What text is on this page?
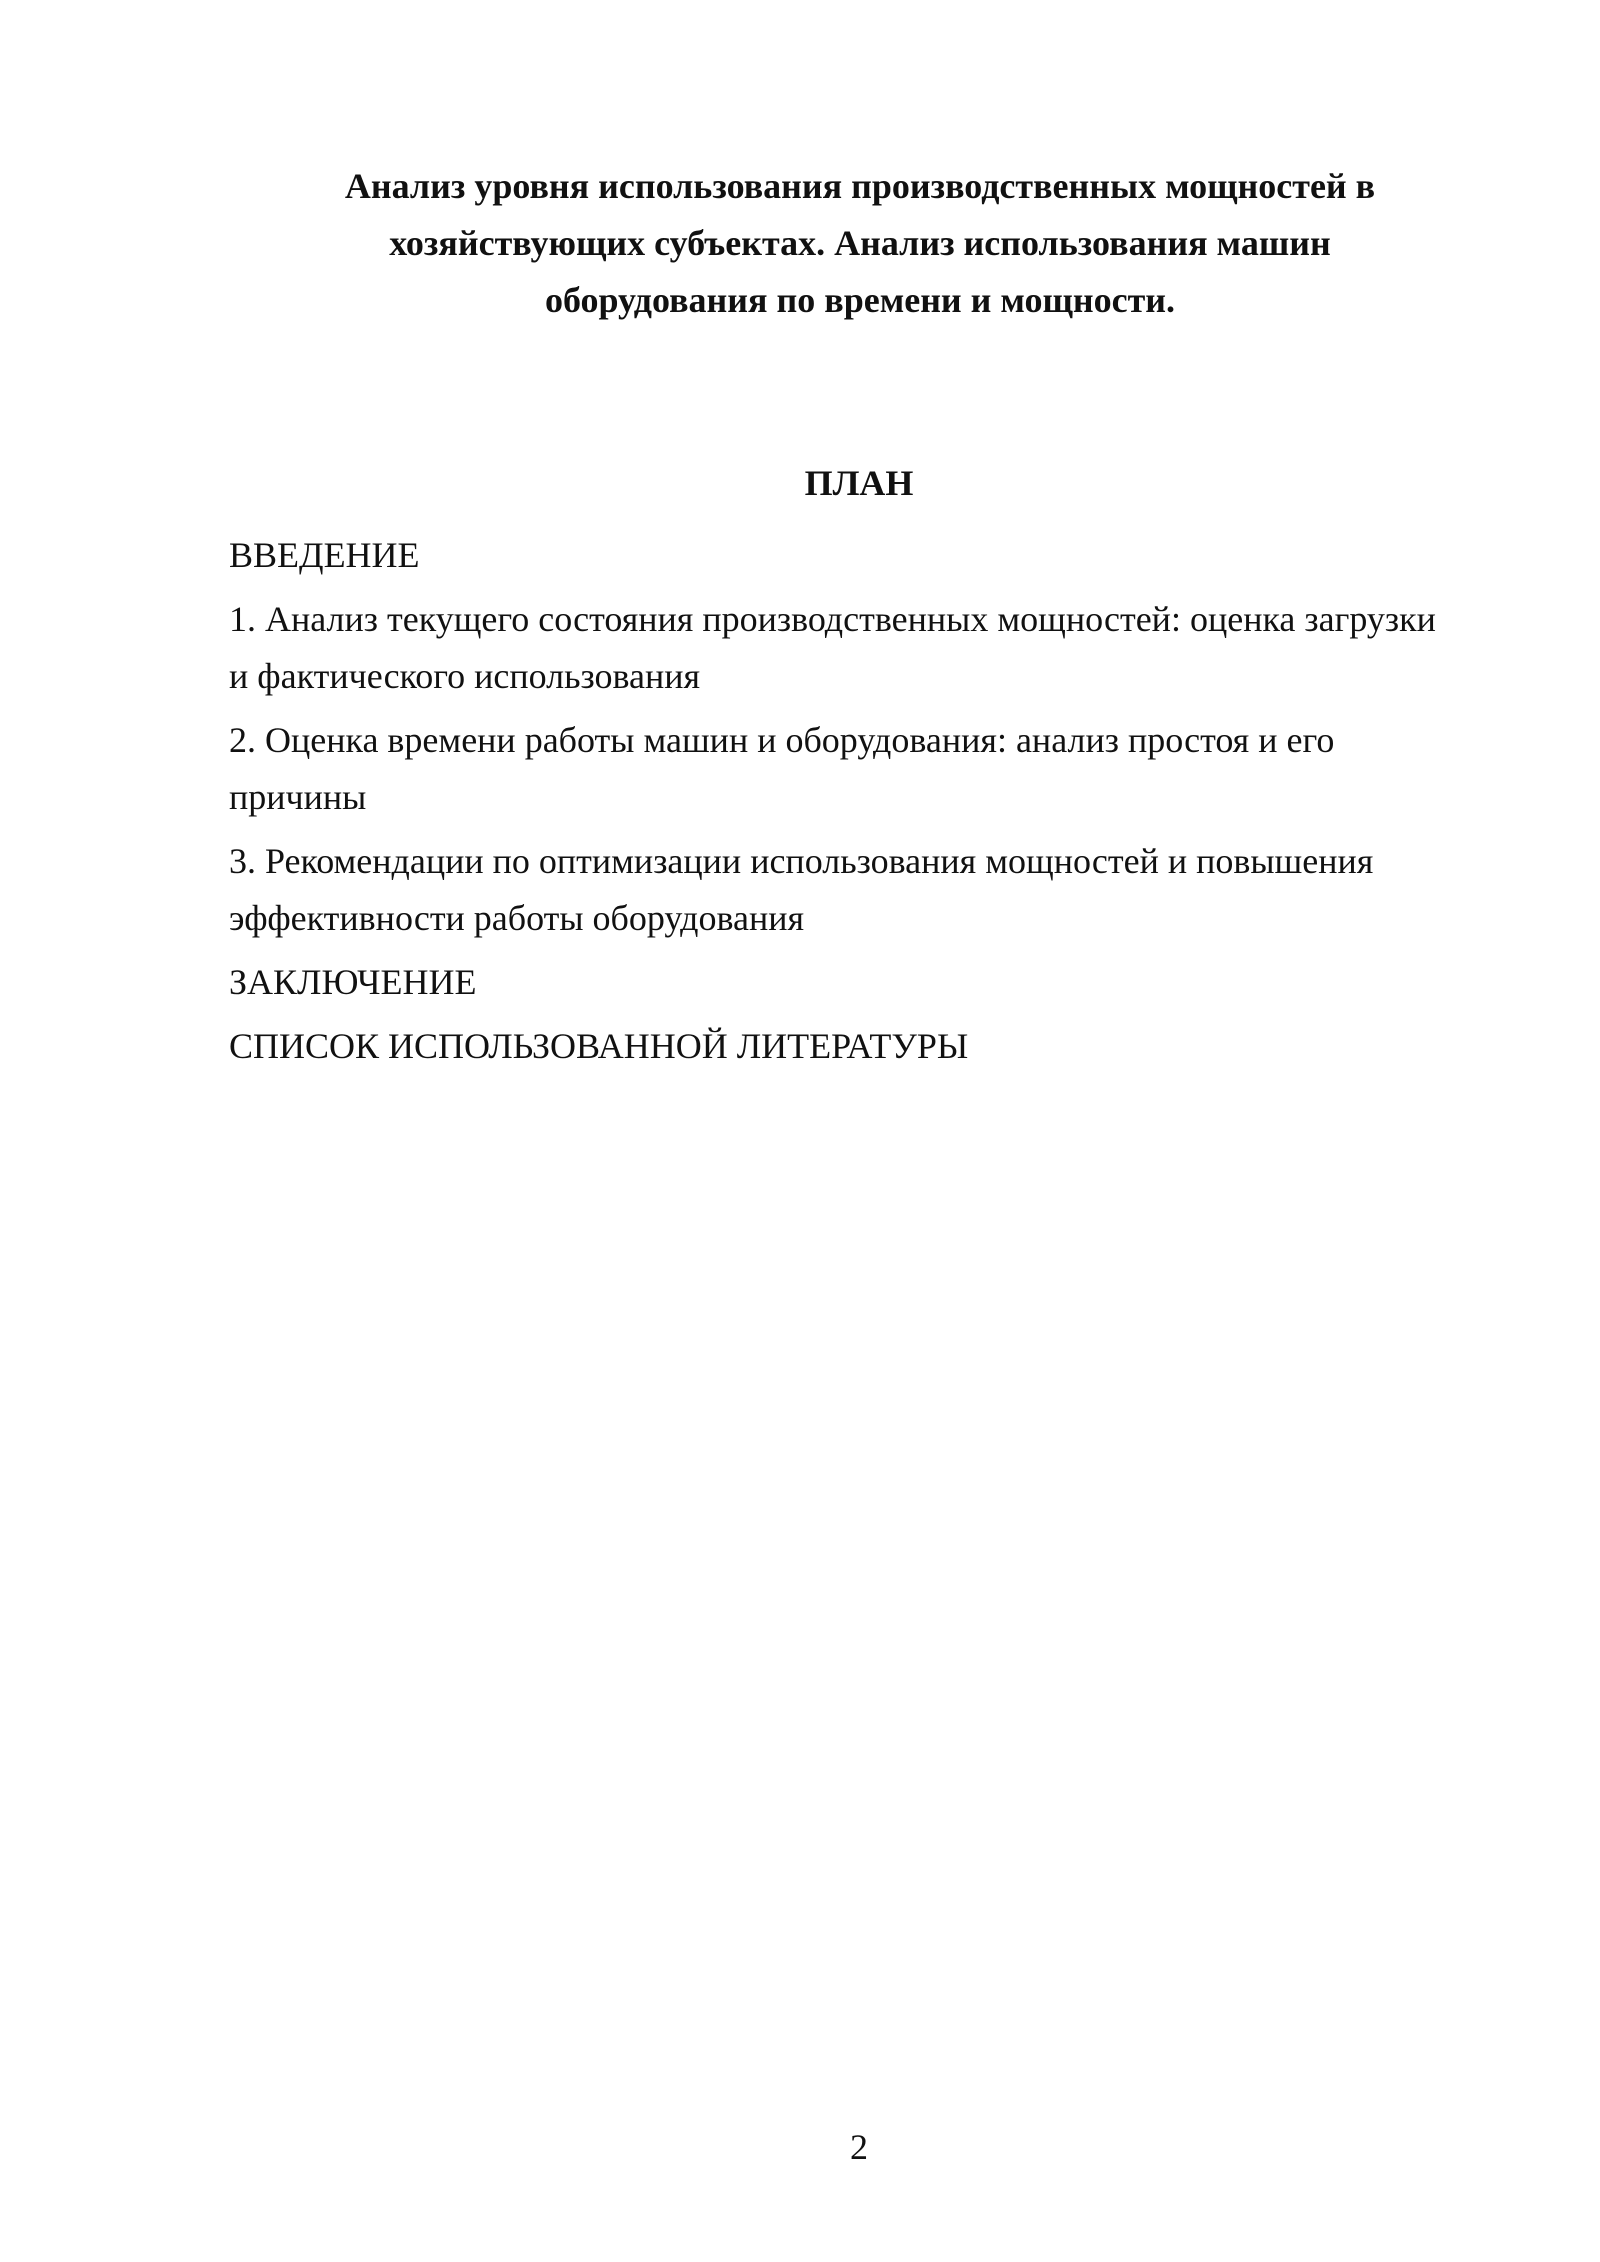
Анализ уровня использования производственных мощностей в хозяйствующих субъектах. Анализ использования машин оборудования по времени и мощности.
ПЛАН
ВВЕДЕНИЕ
1. Анализ текущего состояния производственных мощностей: оценка загрузки и фактического использования
2. Оценка времени работы машин и оборудования: анализ простоя и его причины
3. Рекомендации по оптимизации использования мощностей и повышения эффективности работы оборудования
ЗАКЛЮЧЕНИЕ
СПИСОК ИСПОЛЬЗОВАННОЙ ЛИТЕРАТУРЫ
2
